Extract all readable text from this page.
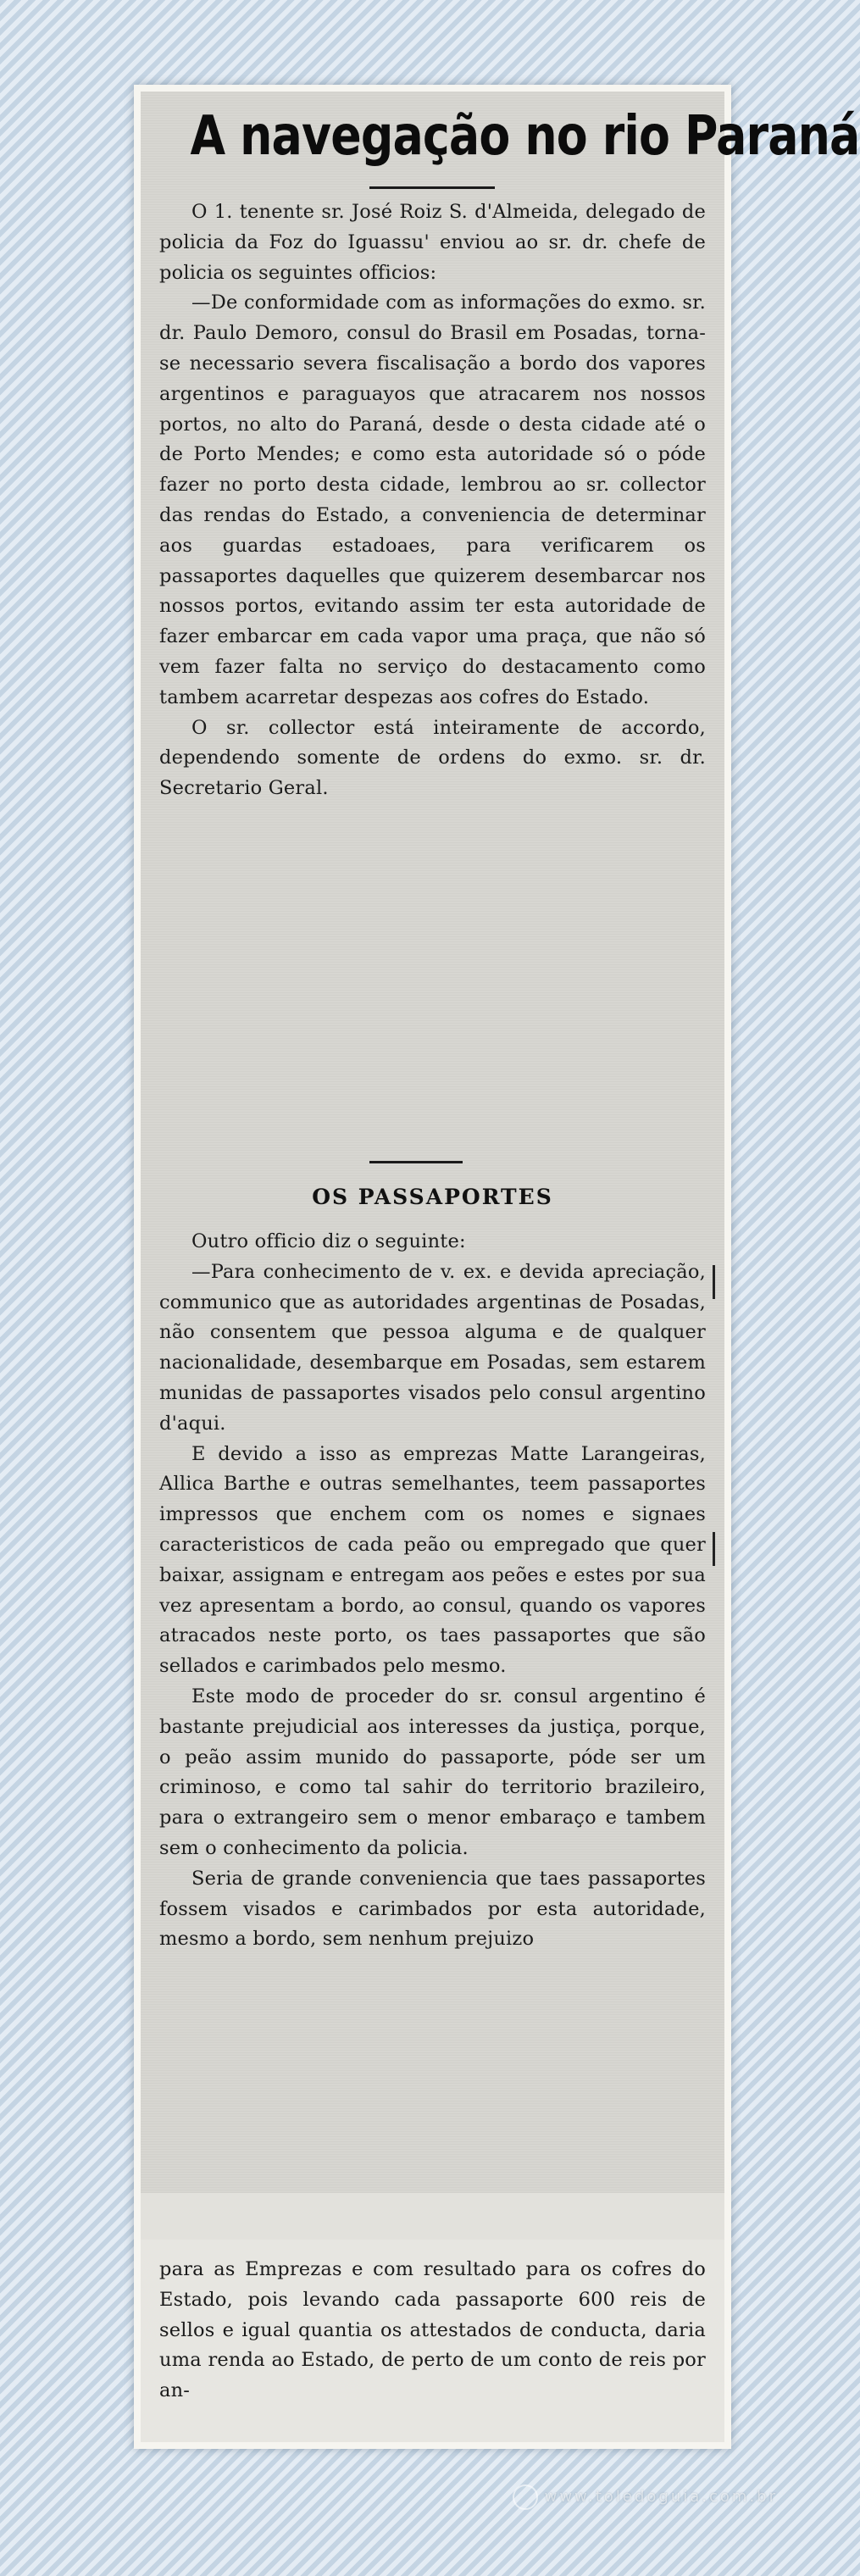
A navegação no rio Paraná

O 1. tenente sr. José Roiz S. d'Almeida, delegado de policia da Foz do Iguassu' enviou ao sr. dr. chefe de policia os seguintes officios:

—De conformidade com as informações do exmo. sr. dr. Paulo Demoro, consul do Brasil em Posadas, torna-se necessario severa fiscalisação a bordo dos vapores argentinos e paraguayos que atracarem nos nossos portos, no alto do Paraná, desde o desta cidade até o de Porto Mendes; e como esta autoridade só o póde fazer no porto desta cidade, lembrou ao sr. collector das rendas do Estado, a conveniencia de determinar aos guardas estadoaes, para verificarem os passaportes daquelles que quizerem desembarcar nos nossos portos, evitando assim ter esta autoridade de fazer embarcar em cada vapor uma praça, que não só vem fazer falta no serviço do destacamento como tambem acarretar despezas aos cofres do Estado.

O sr. collector está inteiramente de accordo, dependendo somente de ordens do exmo. sr. dr. Secretario Geral.

OS PASSAPORTES

Outro officio diz o seguinte:

—Para conhecimento de v. ex. e devida apreciação, communico que as autoridades argentinas de Posadas, não consentem que pessoa alguma e de qualquer nacionalidade, desembarque em Posadas, sem estarem munidas de passaportes visados pelo consul argentino d'aqui.

E devido a isso as emprezas Matte Larangeiras, Allica Barthe e outras semelhantes, teem passaportes impressos que enchem com os nomes e signaes caracteristicos de cada peão ou empregado que quer baixar, assignam e entregam aos peões e estes por sua vez apresentam a bordo, ao consul, quando os vapores atracados neste porto, os taes passaportes que são sellados e carimbados pelo mesmo.

Este modo de proceder do sr. consul argentino é bastante prejudicial aos interesses da justiça, porque, o peão assim munido do passaporte, póde ser um criminoso, e como tal sahir do territorio brazileiro, para o extrangeiro sem o menor embaraço e tambem sem o conhecimento da policia.

Seria de grande conveniencia que taes passaportes fossem visados e carimbados por esta autoridade, mesmo a bordo, sem nenhum prejuizo

para as Emprezas e com resultado para os cofres do Estado, pois levando cada passaporte 600 reis de sellos e igual quantia os attestados de conducta, daria uma renda ao Estado, de perto de um conto de reis por an-

www.toledoguia.com.br
